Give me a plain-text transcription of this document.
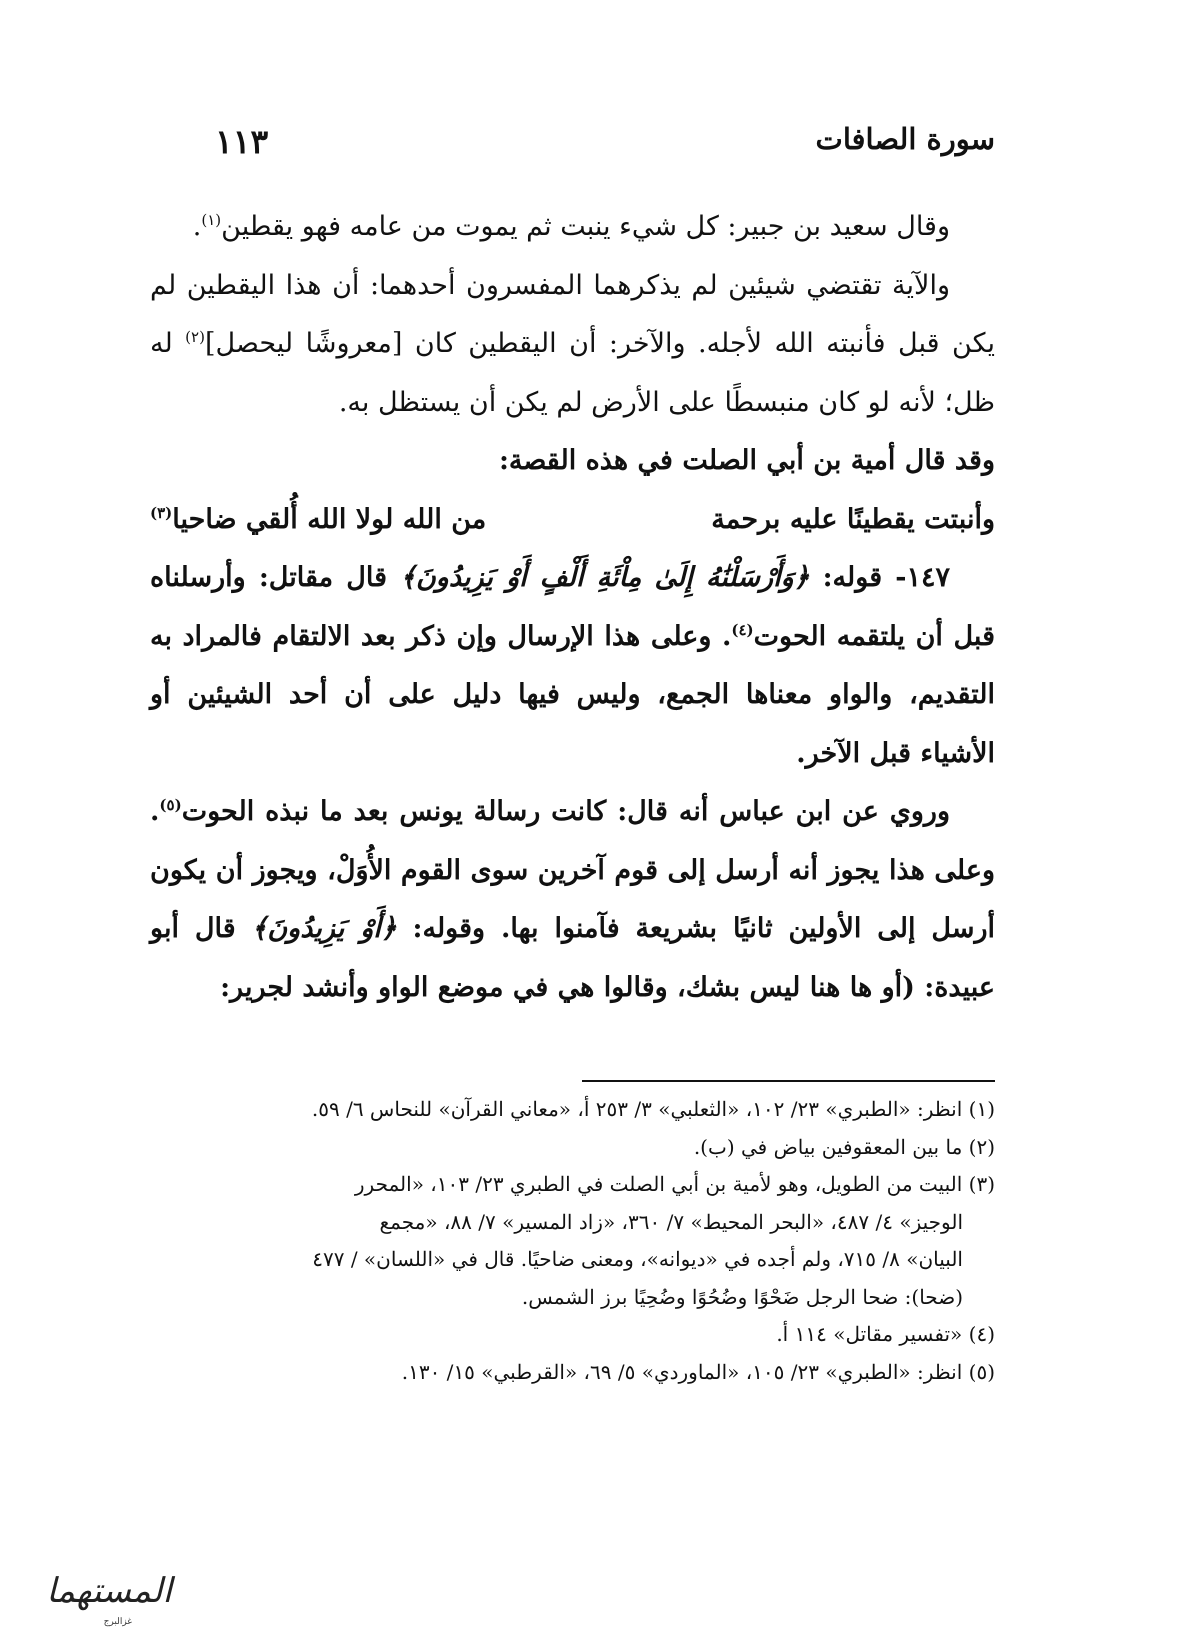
سورة الصافات
١١٣

وقال سعيد بن جبير: كل شيء ينبت ثم يموت من عامه فهو يقطين$^{(١)}$.

والآية تقتضي شيئين لم يذكرهما المفسرون أحدهما: أن هذا اليقطين لم يكن قبل فأنبته الله لأجله. والآخر: أن اليقطين كان [معروشًا ليحصل]$^{(٢)}$ له ظل؛ لأنه لو كان منبسطًا على الأرض لم يكن أن يستظل به.

وقد قال أمية بن أبي الصلت في هذه القصة:

وأنبتت يقطينًا عليه برحمة
من الله لولا الله أُلقي ضاحيا$^{(٣)}$

١٤٧- قوله: ﴿وَأَرْسَلْنَٰهُ إِلَىٰ مِاْئَةِ أَلْفٍ أَوْ يَزِيدُونَ﴾ قال مقاتل: وأرسلناه قبل أن يلتقمه الحوت$^{(٤)}$. وعلى هذا الإرسال وإن ذكر بعد الالتقام فالمراد به التقديم، والواو معناها الجمع، وليس فيها دليل على أن أحد الشيئين أو الأشياء قبل الآخر.

وروي عن ابن عباس أنه قال: كانت رسالة يونس بعد ما نبذه الحوت$^{(٥)}$. وعلى هذا يجوز أنه أرسل إلى قوم آخرين سوى القوم الأُوَلْ، ويجوز أن يكون أرسل إلى الأولين ثانيًا بشريعة فآمنوا بها. وقوله: ﴿أَوْ يَزِيدُونَ﴾ قال أبو عبيدة: (أو ها هنا ليس بشك، وقالوا هي في موضع الواو وأنشد لجرير:

(١) انظر: «الطبري» ٢٣/ ١٠٢، «الثعلبي» ٣/ ٢٥٣ أ، «معاني القرآن» للنحاس ٦/ ٥٩.

(٢) ما بين المعقوفين بياض في (ب).

(٣) البيت من الطويل، وهو لأمية بن أبي الصلت في الطبري ٢٣/ ١٠٣، «المحرر

الوجيز» ٤/ ٤٨٧، «البحر المحيط» ٧/ ٣٦٠، «زاد المسير» ٧/ ٨٨، «مجمع

البيان» ٨/ ٧١٥، ولم أجده في «ديوانه»، ومعنى ضاحيًا. قال في «اللسان» / ٤٧٧

(ضحا): ضحا الرجل ضَحْوًا وضُحُوًا وضُحِيًا برز الشمس.

(٤) «تفسير مقاتل» ١١٤ أ.

(٥) انظر: «الطبري» ٢٣/ ١٠٥، «الماوردي» ٥/ ٦٩، «القرطبي» ١٥/ ١٣٠.

المستهما
غزالبرج
